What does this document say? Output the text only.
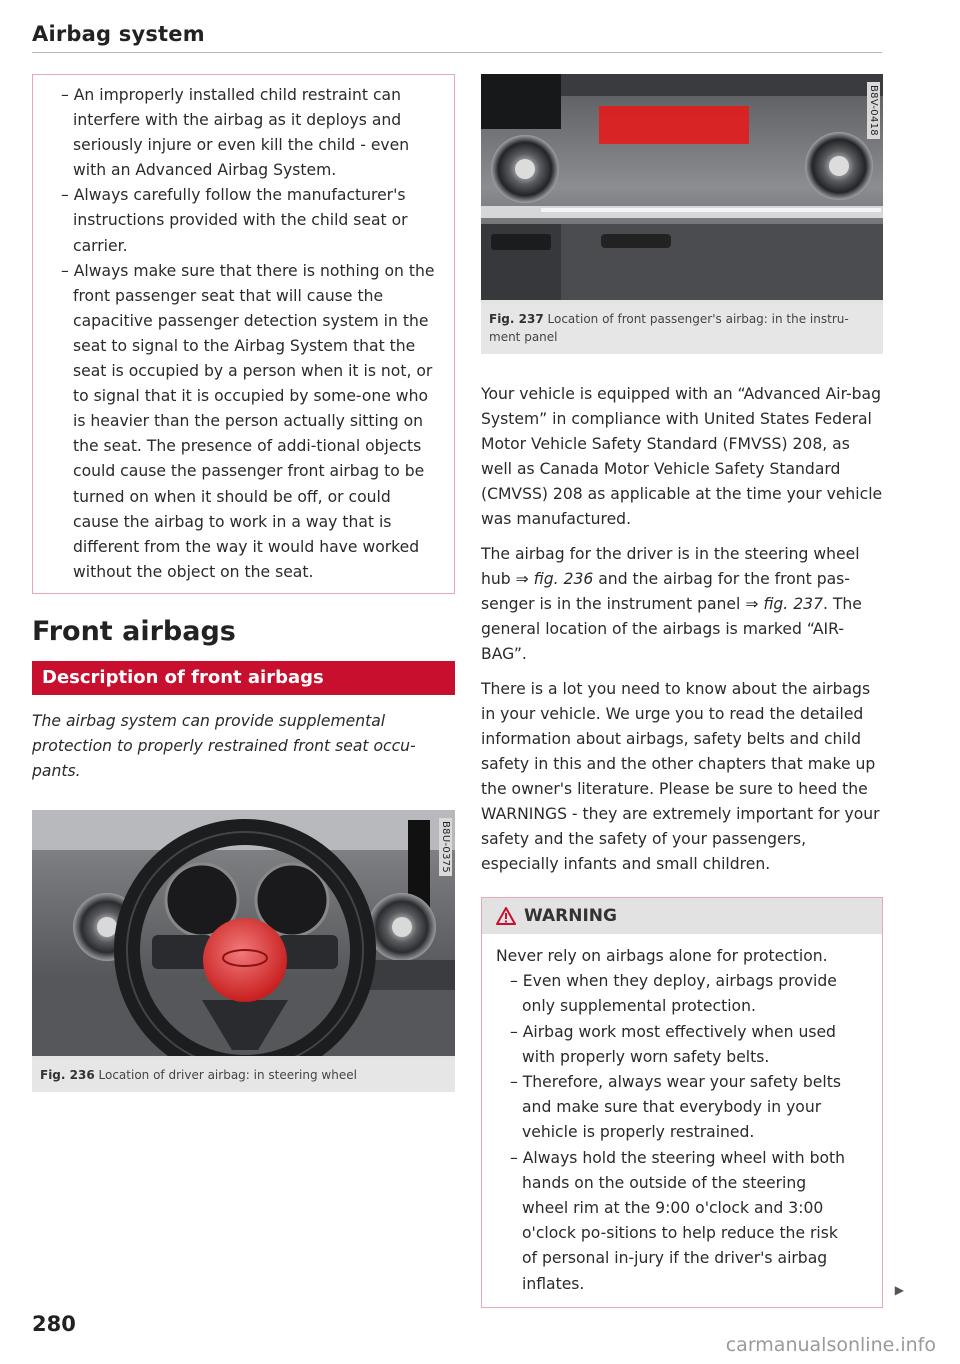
Airbag system

– An improperly installed child restraint can interfere with the airbag as it deploys and seriously injure or even kill the child - even with an Advanced Airbag System.

– Always carefully follow the manufacturer's instructions provided with the child seat or carrier.

– Always make sure that there is nothing on the front passenger seat that will cause the capacitive passenger detection system in the seat to signal to the Airbag System that the seat is occupied by a person when it is not, or to signal that it is occupied by some-one who is heavier than the person actually sitting on the seat. The presence of addi-tional objects could cause the passenger front airbag to be turned on when it should be off, or could cause the airbag to work in a way that is different from the way it would have worked without the object on the seat.

Front airbags
Description of front airbags

The airbag system can provide supplemental protection to properly restrained front seat occu-pants.

B8U-0375
Fig. 236 Location of driver airbag: in steering wheel
B8V-0418
Fig. 237 Location of front passenger's airbag: in the instru-ment panel

Your vehicle is equipped with an “Advanced Air-bag System” in compliance with United States Federal Motor Vehicle Safety Standard (FMVSS) 208, as well as Canada Motor Vehicle Safety Standard (CMVSS) 208 as applicable at the time your vehicle was manufactured.

The airbag for the driver is in the steering wheel hub ⇒ fig. 236 and the airbag for the front pas-senger is in the instrument panel ⇒ fig. 237. The general location of the airbags is marked “AIR-BAG”.

There is a lot you need to know about the airbags in your vehicle. We urge you to read the detailed information about airbags, safety belts and child safety in this and the other chapters that make up the owner's literature. Please be sure to heed the WARNINGS - they are extremely important for your safety and the safety of your passengers, especially infants and small children.

WARNING

Never rely on airbags alone for protection.

– Even when they deploy, airbags provide only supplemental protection.

– Airbag work most effectively when used with properly worn safety belts.

– Therefore, always wear your safety belts and make sure that everybody in your vehicle is properly restrained.

– Always hold the steering wheel with both hands on the outside of the steering wheel rim at the 9:00 o'clock and 3:00 o'clock po-sitions to help reduce the risk of personal in-jury if the driver's airbag inflates.	▶
280
carmanualsonline.info
